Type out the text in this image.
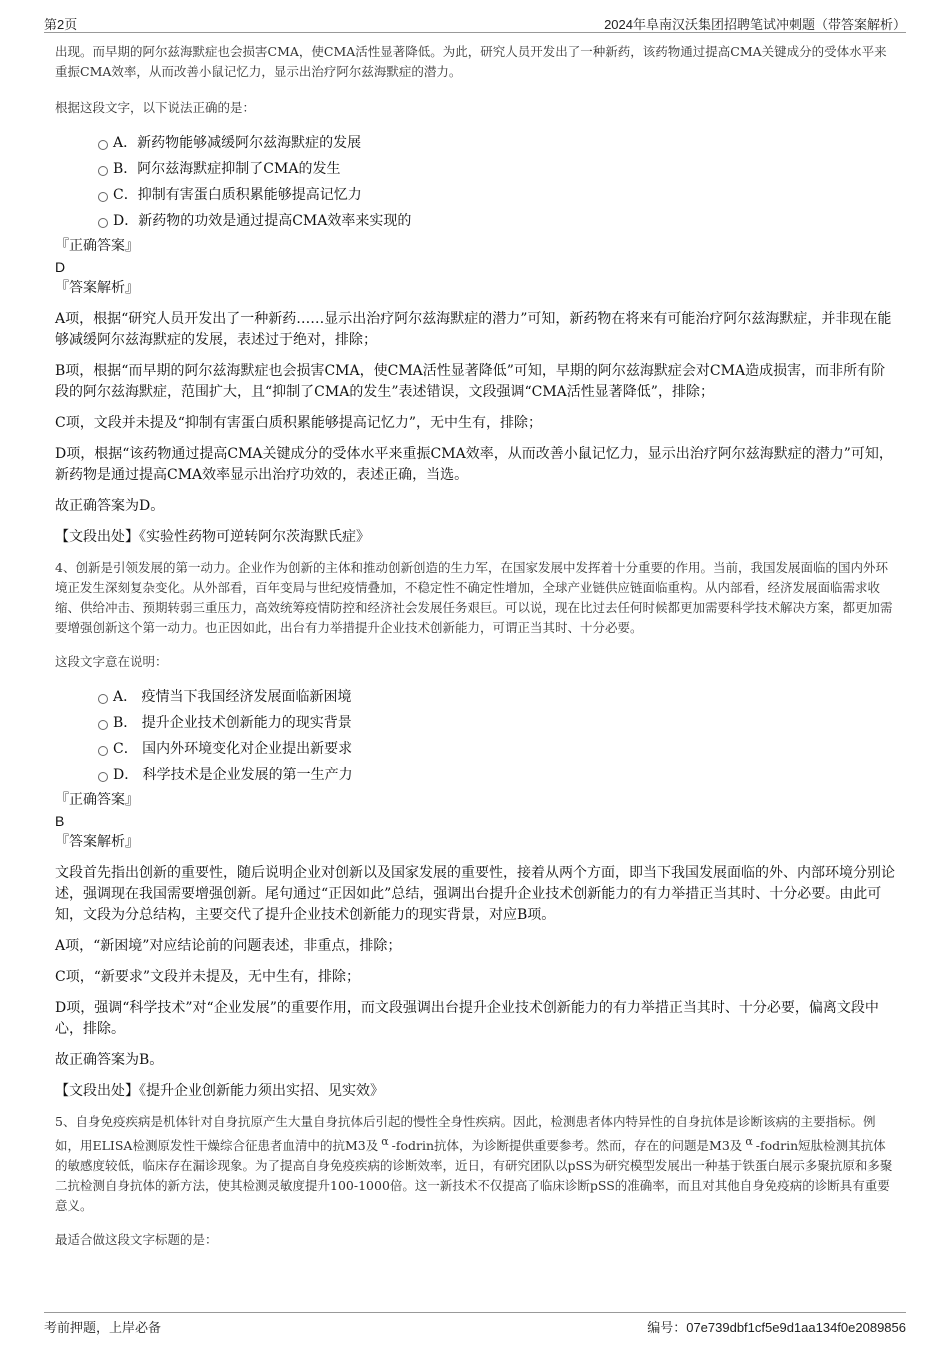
第2页	2024年阜南汉沃集团招聘笔试冲刺题（带答案解析）

出现。而早期的阿尔兹海默症也会损害CMA，使CMA活性显著降低。为此，研究人员开发出了一种新药，该药物通过提高CMA关键成分的受体水平来重振CMA效率，从而改善小鼠记忆力，显示出治疗阿尔兹海默症的潜力。

根据这段文字，以下说法正确的是：

A．新药物能够减缓阿尔兹海默症的发展
B．阿尔兹海默症抑制了CMA的发生
C．抑制有害蛋白质积累能够提高记忆力
D．新药物的功效是通过提高CMA效率来实现的

『正确答案』

D

『答案解析』

A项，根据“研究人员开发出了一种新药……显示出治疗阿尔兹海默症的潜力”可知，新药物在将来有可能治疗阿尔兹海默症，并非现在能够减缓阿尔兹海默症的发展，表述过于绝对，排除；

B项，根据“而早期的阿尔兹海默症也会损害CMA，使CMA活性显著降低”可知，早期的阿尔兹海默症会对CMA造成损害，而非所有阶段的阿尔兹海默症，范围扩大，且“抑制了CMA的发生”表述错误，文段强调“CMA活性显著降低”，排除；

C项，文段并未提及“抑制有害蛋白质积累能够提高记忆力”，无中生有，排除；

D项，根据“该药物通过提高CMA关键成分的受体水平来重振CMA效率，从而改善小鼠记忆力，显示出治疗阿尔兹海默症的潜力”可知，新药物是通过提高CMA效率显示出治疗功效的，表述正确，当选。

故正确答案为D。

【文段出处】《实验性药物可逆转阿尔茨海默氏症》

4、创新是引领发展的第一动力。企业作为创新的主体和推动创新创造的生力军，在国家发展中发挥着十分重要的作用。当前，我国发展面临的国内外环境正发生深刻复杂变化。从外部看，百年变局与世纪疫情叠加，不稳定性不确定性增加，全球产业链供应链面临重构。从内部看，经济发展面临需求收缩、供给冲击、预期转弱三重压力，高效统筹疫情防控和经济社会发展任务艰巨。可以说，现在比过去任何时候都更加需要科学技术解决方案，都更加需要增强创新这个第一动力。也正因如此，出台有力举措提升企业技术创新能力，可谓正当其时、十分必要。

这段文字意在说明：

A． 疫情当下我国经济发展面临新困境
B． 提升企业技术创新能力的现实背景
C． 国内外环境变化对企业提出新要求
D． 科学技术是企业发展的第一生产力

『正确答案』

B

『答案解析』

文段首先指出创新的重要性，随后说明企业对创新以及国家发展的重要性，接着从两个方面，即当下我国发展面临的外、内部环境分别论述，强调现在我国需要增强创新。尾句通过“正因如此”总结，强调出台提升企业技术创新能力的有力举措正当其时、十分必要。由此可知，文段为分总结构，主要交代了提升企业技术创新能力的现实背景，对应B项。

A项，“新困境”对应结论前的问题表述，非重点，排除；

C项，“新要求”文段并未提及，无中生有，排除；

D项，强调“科学技术”对“企业发展”的重要作用，而文段强调出台提升企业技术创新能力的有力举措正当其时、十分必要，偏离文段中心，排除。

故正确答案为B。

【文段出处】《提升企业创新能力须出实招、见实效》

5、自身免疫疾病是机体针对自身抗原产生大量自身抗体后引起的慢性全身性疾病。因此，检测患者体内特异性的自身抗体是诊断该病的主要指标。例如，用ELISA检测原发性干燥综合征患者血清中的抗M3及 α -fodrin抗体，为诊断提供重要参考。然而，存在的问题是M3及 α -fodrin短肽检测其抗体的敏感度较低，临床存在漏诊现象。为了提高自身免疫疾病的诊断效率，近日，有研究团队以pSS为研究模型发展出一种基于铁蛋白展示多聚抗原和多聚二抗检测自身抗体的新方法，使其检测灵敏度提升100-1000倍。这一新技术不仅提高了临床诊断pSS的准确率，而且对其他自身免疫病的诊断具有重要意义。

最适合做这段文字标题的是：

考前押题，上岸必备	编号：07e739dbf1cf5e9d1aa134f0e2089856
